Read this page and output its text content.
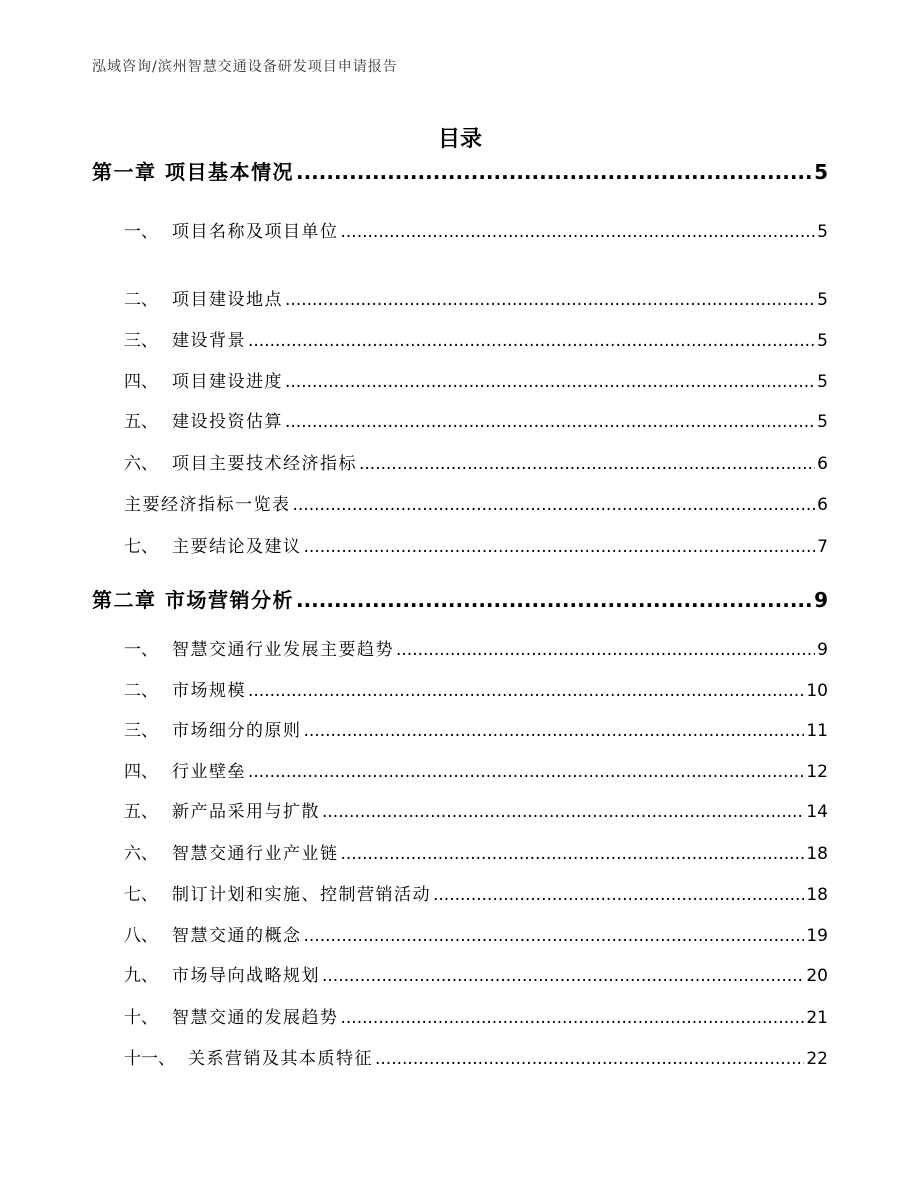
泓域咨询/滨州智慧交通设备研发项目申请报告
目录
第一章 项目基本情况 .....	5
一、 项目名称及项目单位 .....	5
二、 项目建设地点 .....	5
三、 建设背景 .....	5
四、 项目建设进度 .....	5
五、 建设投资估算 .....	5
六、 项目主要技术经济指标 .....	6
主要经济指标一览表 .....	6
七、 主要结论及建议 .....	7
第二章 市场营销分析 .....	9
一、 智慧交通行业发展主要趋势 .....	9
二、 市场规模 .....	10
三、 市场细分的原则 .....	11
四、 行业壁垒 .....	12
五、 新产品采用与扩散 .....	14
六、 智慧交通行业产业链 .....	18
七、 制订计划和实施、控制营销活动 .....	18
八、 智慧交通的概念 .....	19
九、 市场导向战略规划 .....	20
十、 智慧交通的发展趋势 .....	21
十一、 关系营销及其本质特征 .....	22
